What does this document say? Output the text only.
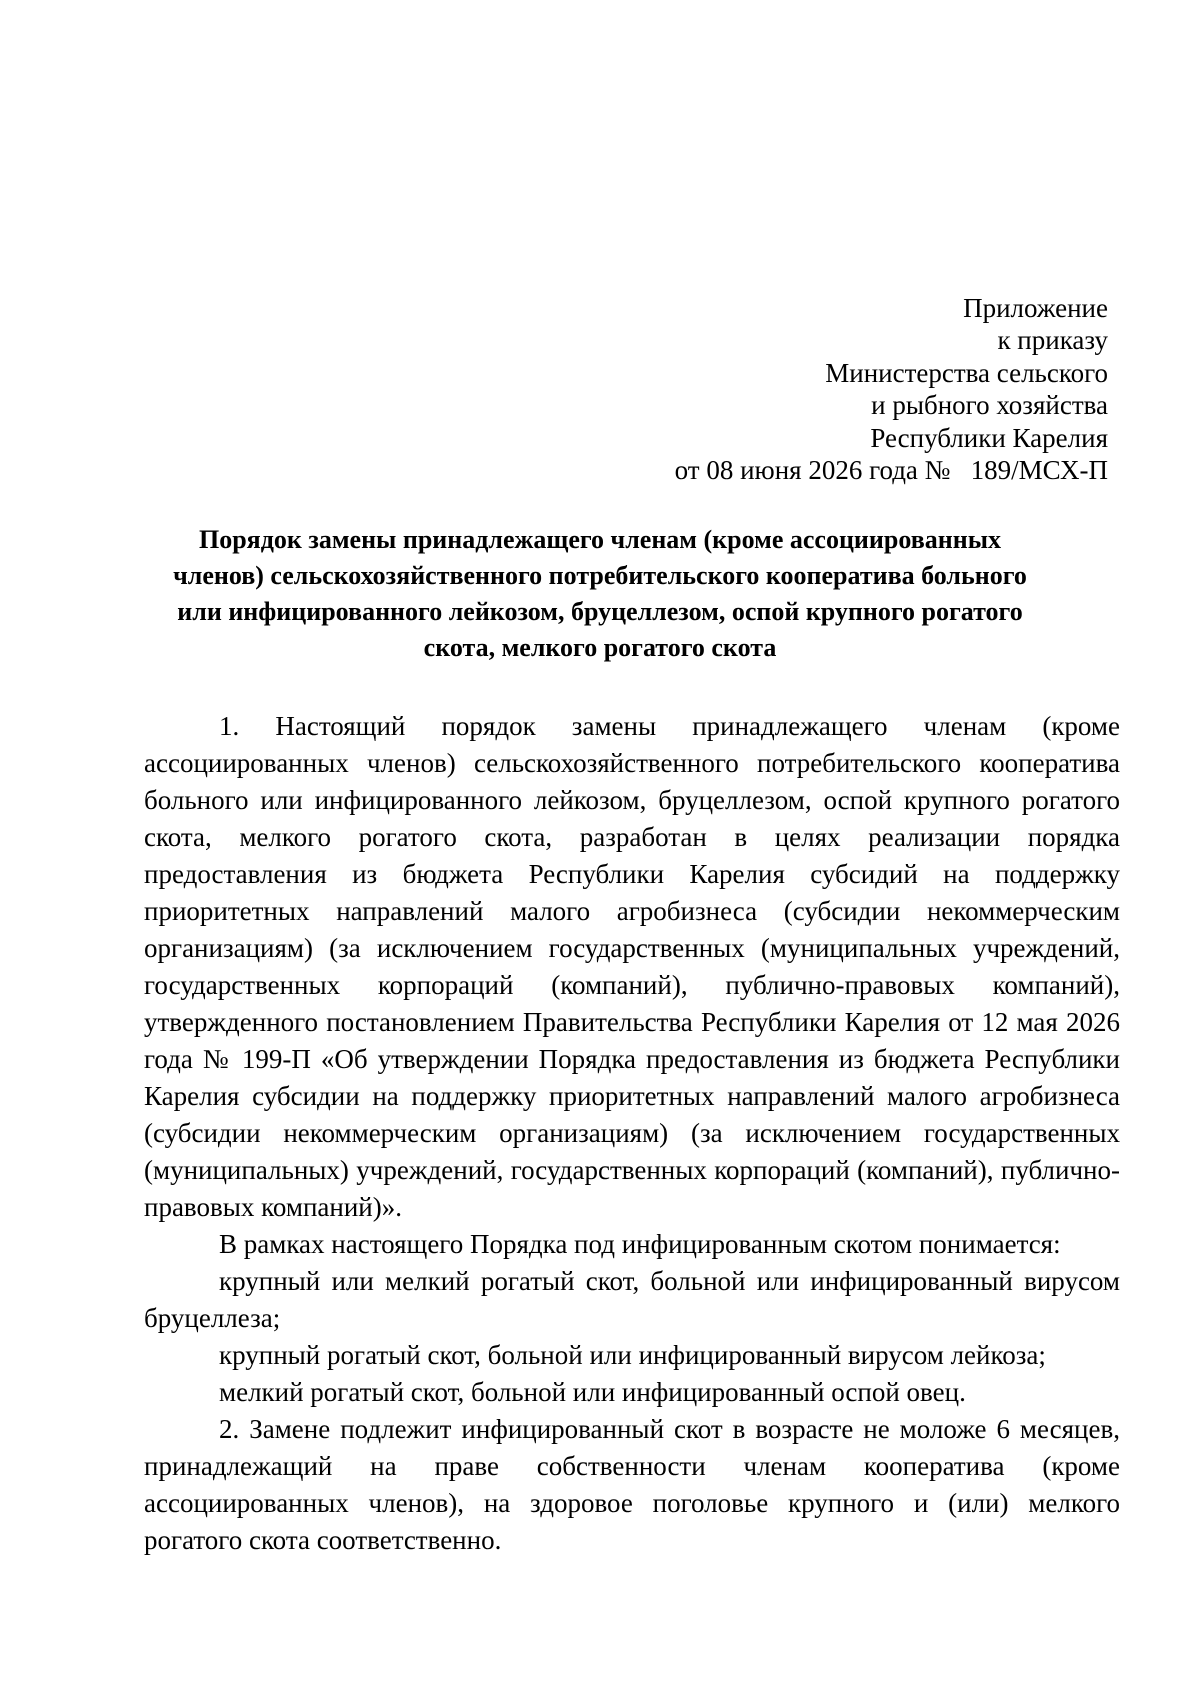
Приложение
к приказу
Министерства сельского
и рыбного хозяйства
Республики Карелия
от 08 июня 2026 года №   189/МСХ-П
Порядок замены принадлежащего членам (кроме ассоциированных членов) сельскохозяйственного потребительского кооператива больного или инфицированного лейкозом, бруцеллезом, оспой крупного рогатого скота, мелкого рогатого скота

1. Настоящий порядок замены принадлежащего членам (кроме ассоциированных членов) сельскохозяйственного потребительского кооператива больного или инфицированного лейкозом, бруцеллезом, оспой крупного рогатого скота, мелкого рогатого скота, разработан в целях реализации порядка предоставления из бюджета Республики Карелия субсидий на поддержку приоритетных направлений малого агробизнеса (субсидии некоммерческим организациям) (за исключением государственных (муниципальных учреждений, государственных корпораций (компаний), публично-правовых компаний), утвержденного постановлением Правительства Республики Карелия от 12 мая 2026 года № 199-П «Об утверждении Порядка предоставления из бюджета Республики Карелия субсидии на поддержку приоритетных направлений малого агробизнеса (субсидии некоммерческим организациям) (за исключением государственных (муниципальных) учреждений, государственных корпораций (компаний), публично-правовых компаний)».

В рамках настоящего Порядка под инфицированным скотом понимается:

крупный или мелкий рогатый скот, больной или инфицированный вирусом бруцеллеза;

крупный рогатый скот, больной или инфицированный вирусом лейкоза;

мелкий рогатый скот, больной или инфицированный оспой овец.

2. Замене подлежит инфицированный скот в возрасте не моложе 6 месяцев, принадлежащий на праве собственности членам кооператива (кроме ассоциированных членов), на здоровое поголовье крупного и (или) мелкого рогатого скота соответственно.
